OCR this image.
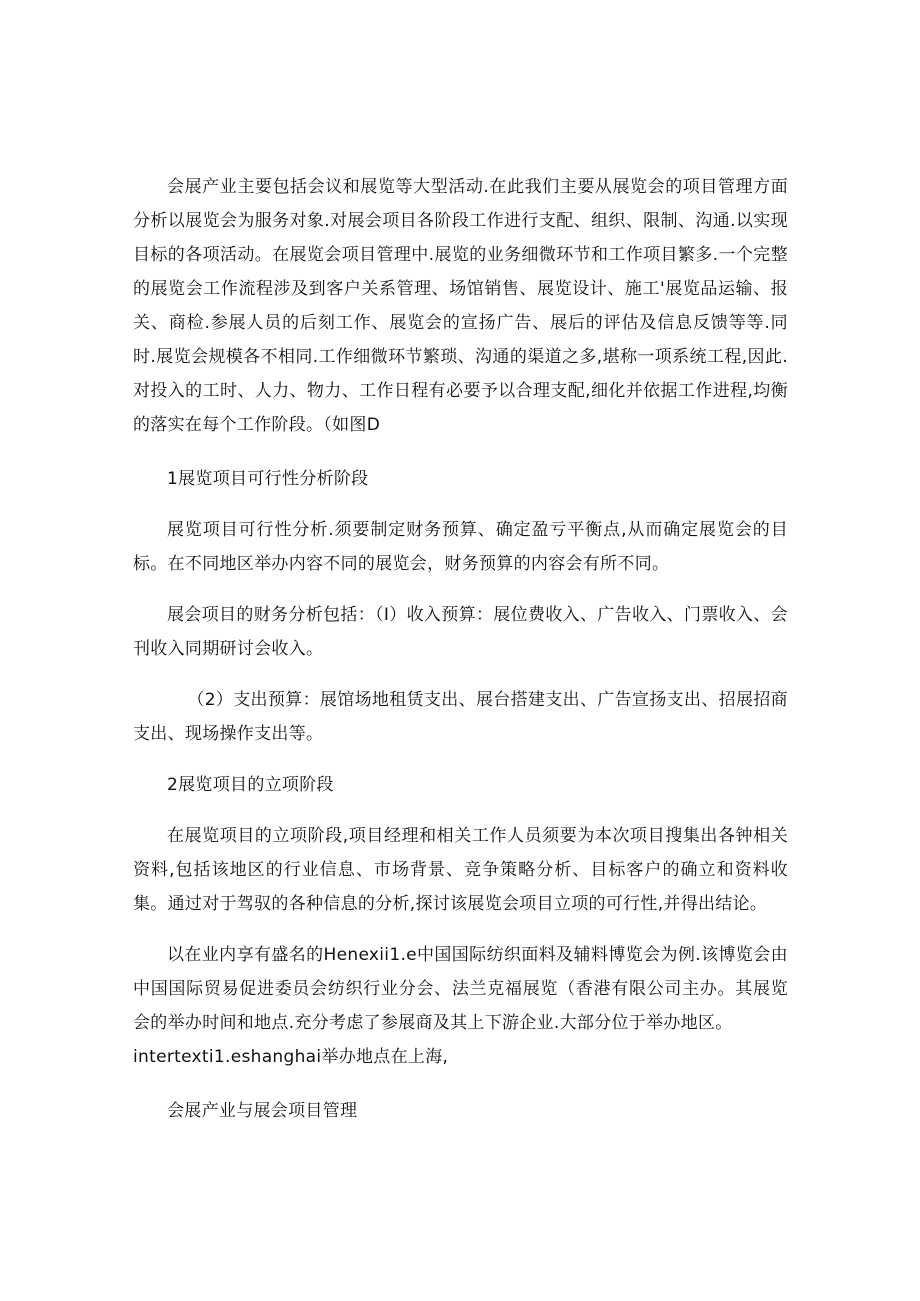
会展产业主要包括会议和展览等大型活动.在此我们主要从展览会的项目管理方面分析以展览会为服务对象.对展会项目各阶段工作进行支配、组织、限制、沟通.以实现目标的各项活动。在展览会项目管理中.展览的业务细微环节和工作项目繁多.一个完整的展览会工作流程涉及到客户关系管理、场馆销售、展览设计、施工'展览品运输、报关、商检.参展人员的后刻工作、展览会的宣扬广告、展后的评估及信息反馈等等.同时.展览会规模各不相同.工作细微环节繁琐、沟通的渠道之多,堪称一项系统工程,因此.对投入的工时、人力、物力、工作日程有必要予以合理支配,细化并依据工作进程,均衡的落实在每个工作阶段。（如图D

1展览项目可行性分析阶段

展览项目可行性分析.须要制定财务预算、确定盈亏平衡点,从而确定展览会的目标。在不同地区举办内容不同的展览会，财务预算的内容会有所不同。

展会项目的财务分析包括：（I）收入预算：展位费收入、广告收入、门票收入、会刊收入同期研讨会收入。

（2）支出预算：展馆场地租赁支出、展台搭建支出、广告宣扬支出、招展招商支出、现场操作支出等。

2展览项目的立项阶段

在展览项目的立项阶段,项目经理和相关工作人员须要为本次项目搜集出各钟相关资料,包括该地区的行业信息、市场背景、竞争策略分析、目标客户的确立和资料收集。通过对于驾驭的各种信息的分析,探讨该展览会项目立项的可行性,并得出结论。

以在业内享有盛名的Henexii1.e中国国际纺织面料及辅料博览会为例.该博览会由中国国际贸易促进委员会纺织行业分会、法兰克福展览（香港有限公司主办。其展览会的举办时间和地点.充分考虑了参展商及其上下游企业.大部分位于举办地区。

intertexti1.eshanghai举办地点在上海,

会展产业与展会项目管理
